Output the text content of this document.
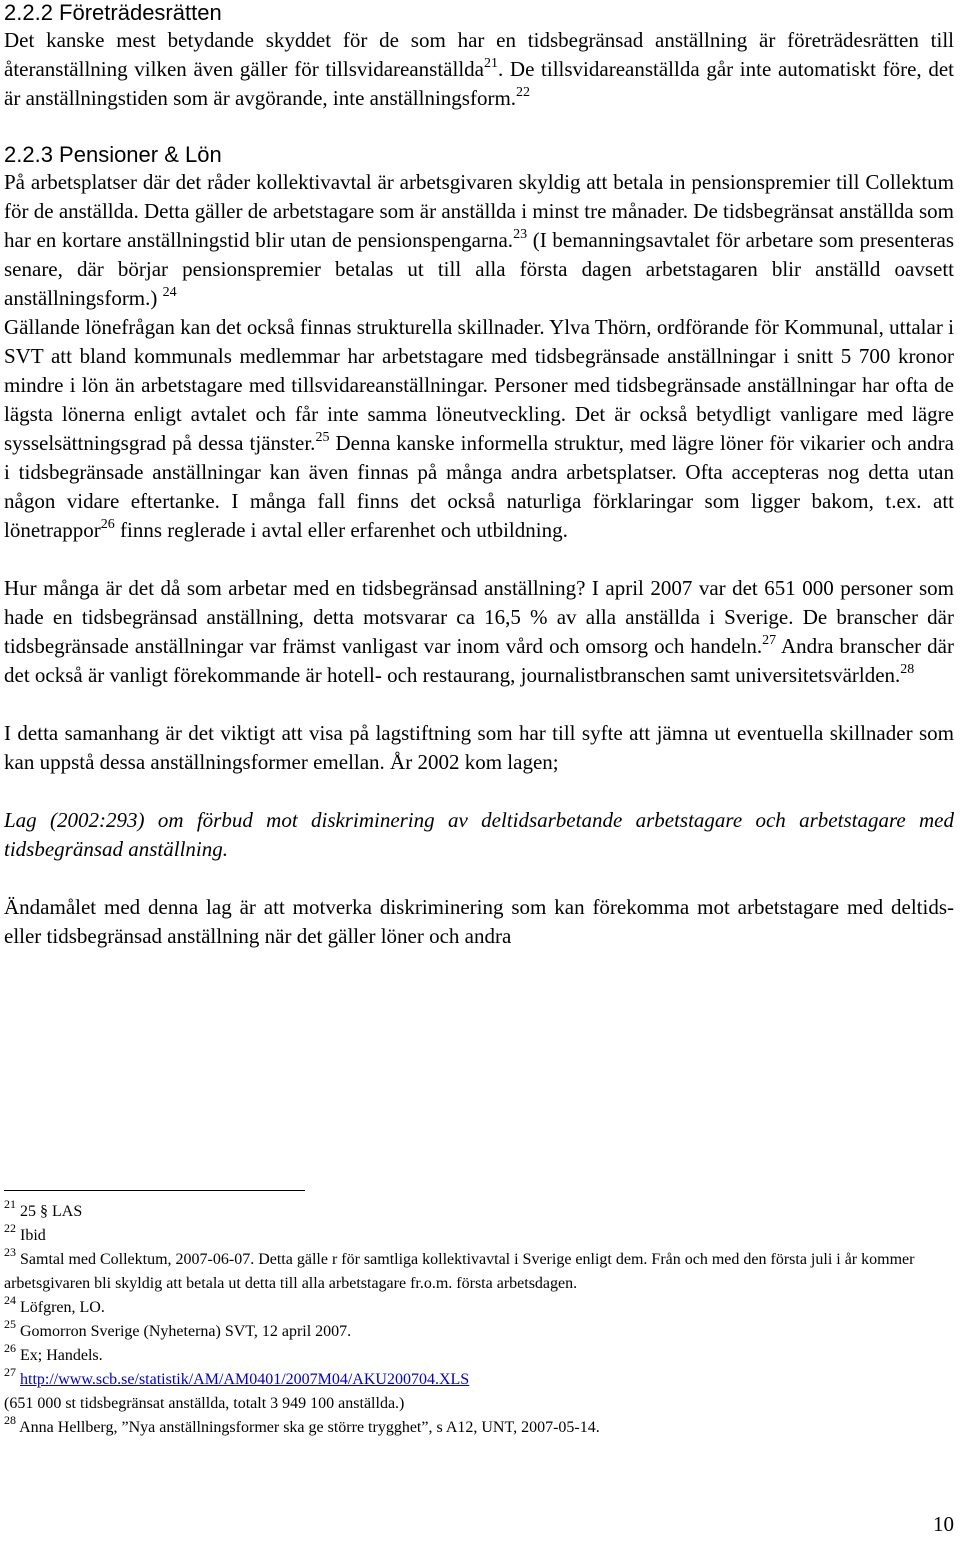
2.2.2 Företrädesrätten

Det kanske mest betydande skyddet för de som har en tidsbegränsad anställning är företrädesrätten till återanställning vilken även gäller för tillsvidareanställda$^{21}$. De tillsvidareanställda går inte automatiskt före, det är anställningstiden som är avgörande, inte anställningsform.$^{22}$

2.2.3 Pensioner & Lön

På arbetsplatser där det råder kollektivavtal är arbetsgivaren skyldig att betala in pensionspremier till Collektum för de anställda. Detta gäller de arbetstagare som är anställda i minst tre månader. De tidsbegränsat anställda som har en kortare anställningstid blir utan de pensionspengarna.$^{23}$ (I bemanningsavtalet för arbetare som presenteras senare, där börjar pensionspremier betalas ut till alla första dagen arbetstagaren blir anställd oavsett anställningsform.) $^{24}$

Gällande lönefrågan kan det också finnas strukturella skillnader. Ylva Thörn, ordförande för Kommunal, uttalar i SVT att bland kommunals medlemmar har arbetstagare med tidsbegränsade anställningar i snitt 5 700 kronor mindre i lön än arbetstagare med tillsvidareanställningar. Personer med tidsbegränsade anställningar har ofta de lägsta lönerna enligt avtalet och får inte samma löneutveckling. Det är också betydligt vanligare med lägre sysselsättningsgrad på dessa tjänster.$^{25}$ Denna kanske informella struktur, med lägre löner för vikarier och andra i tidsbegränsade anställningar kan även finnas på många andra arbetsplatser. Ofta accepteras nog detta utan någon vidare eftertanke. I många fall finns det också naturliga förklaringar som ligger bakom, t.ex. att lönetrappor$^{26}$ finns reglerade i avtal eller erfarenhet och utbildning.

Hur många är det då som arbetar med en tidsbegränsad anställning? I april 2007 var det 651 000 personer som hade en tidsbegränsad anställning, detta motsvarar ca 16,5 % av alla anställda i Sverige. De branscher där tidsbegränsade anställningar var främst vanligast var inom vård och omsorg och handeln.$^{27}$ Andra branscher där det också är vanligt förekommande är hotell- och restaurang, journalistbranschen samt universitetsvärlden.$^{28}$

I detta samanhang är det viktigt att visa på lagstiftning som har till syfte att jämna ut eventuella skillnader som kan uppstå dessa anställningsformer emellan. År 2002 kom lagen;

Lag (2002:293) om förbud mot diskriminering av deltidsarbetande arbetstagare och arbetstagare med tidsbegränsad anställning.

Ändamålet med denna lag är att motverka diskriminering som kan förekomma mot arbetstagare med deltids- eller tidsbegränsad anställning när det gäller löner och andra

$^{21}$ 25 § LAS

$^{22}$ Ibid

$^{23}$ Samtal med Collektum, 2007-06-07. Detta gälle r för samtliga kollektivavtal i Sverige enligt dem. Från och med den första juli i år kommer arbetsgivaren bli skyldig att betala ut detta till alla arbetstagare fr.o.m. första arbetsdagen.

$^{24}$ Löfgren, LO.

$^{25}$ Gomorron Sverige (Nyheterna) SVT, 12 april 2007.

$^{26}$ Ex; Handels.

$^{27}$ http://www.scb.se/statistik/AM/AM0401/2007M04/AKU200704.XLS
(651 000 st tidsbegränsat anställda, totalt 3 949 100 anställda.)

$^{28}$ Anna Hellberg, ”Nya anställningsformer ska ge större trygghet”, s A12, UNT, 2007-05-14.

10
